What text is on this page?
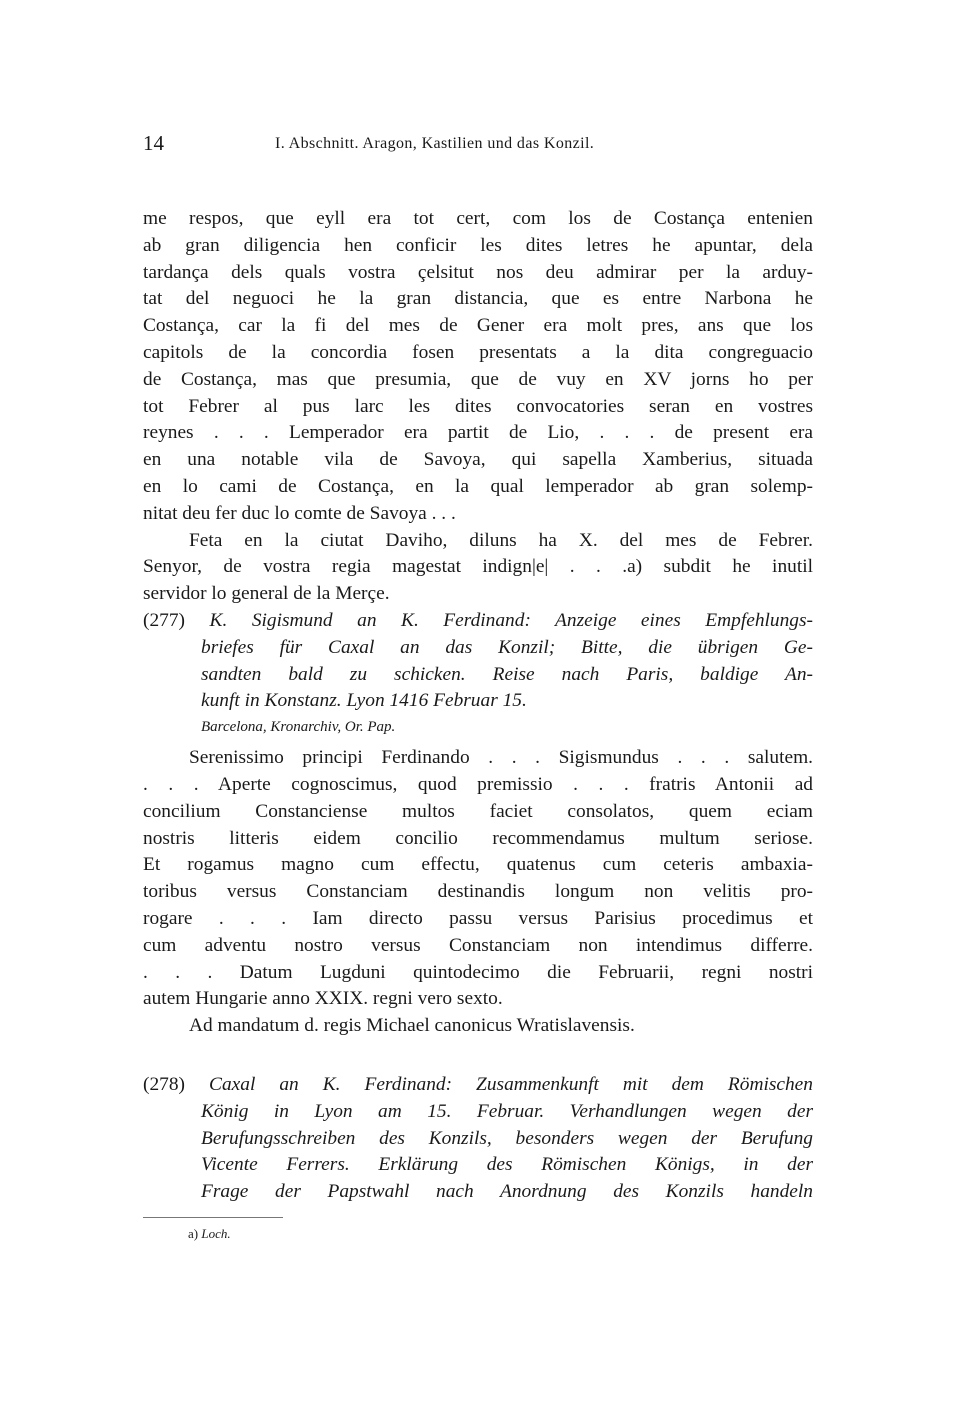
14	I. Abschnitt. Aragon, Kastilien und das Konzil.
me respos, que eyll era tot cert, com los de Costança entenien
ab gran diligencia hen conficir les dites letres he apuntar, dela
tardança dels quals vostra çelsitut nos deu admirar per la arduy-
tat del neguoci he la gran distancia, que es entre Narbona he
Costança, car la fi del mes de Gener era molt pres, ans que los
capitols de la concordia fosen presentats a la dita congreguacio
de Costança, mas que presumia, que de vuy en XV jorns ho per
tot Febrer al pus larc les dites convocatories seran en vostres
reynes . . . Lemperador era partit de Lio, . . . de present era
en una notable vila de Savoya, qui sapella Xamberius, situada
en lo cami de Costança, en la qual lemperador ab gran solemp-
nitat deu fer duc lo comte de Savoya . . .
Feta en la ciutat Daviho, diluns ha X. del mes de Febrer.
Senyor, de vostra regia magestat indign|e| . . .a) subdit he inutil
servidor lo general de la Merçe.
(277) K. Sigismund an K. Ferdinand: Anzeige eines Empfehlungs-
briefes für Caxal an das Konzil; Bitte, die übrigen Ge-
sandten bald zu schicken. Reise nach Paris, baldige An-
kunft in Konstanz. Lyon 1416 Februar 15.
Barcelona, Kronarchiv, Or. Pap.
Serenissimo principi Ferdinando . . . Sigismundus . . . salutem.
. . . Aperte cognoscimus, quod premissio . . . fratris Antonii ad
concilium Constanciense multos faciet consolatos, quem eciam
nostris litteris eidem concilio recommendamus multum seriose.
Et rogamus magno cum effectu, quatenus cum ceteris ambaxia-
toribus versus Constanciam destinandis longum non velitis pro-
rogare . . . Iam directo passu versus Parisius procedimus et
cum adventu nostro versus Constanciam non intendimus differre.
. . . Datum Lugduni quintodecimo die Februarii, regni nostri
autem Hungarie anno XXIX. regni vero sexto.
Ad mandatum d. regis Michael canonicus Wratislavensis.
(278) Caxal an K. Ferdinand: Zusammenkunft mit dem Römischen
König in Lyon am 15. Februar. Verhandlungen wegen der
Berufungsschreiben des Konzils, besonders wegen der Berufung
Vicente Ferrers. Erklärung des Römischen Königs, in der
Frage der Papstwahl nach Anordnung des Konzils handeln
a) Loch.
